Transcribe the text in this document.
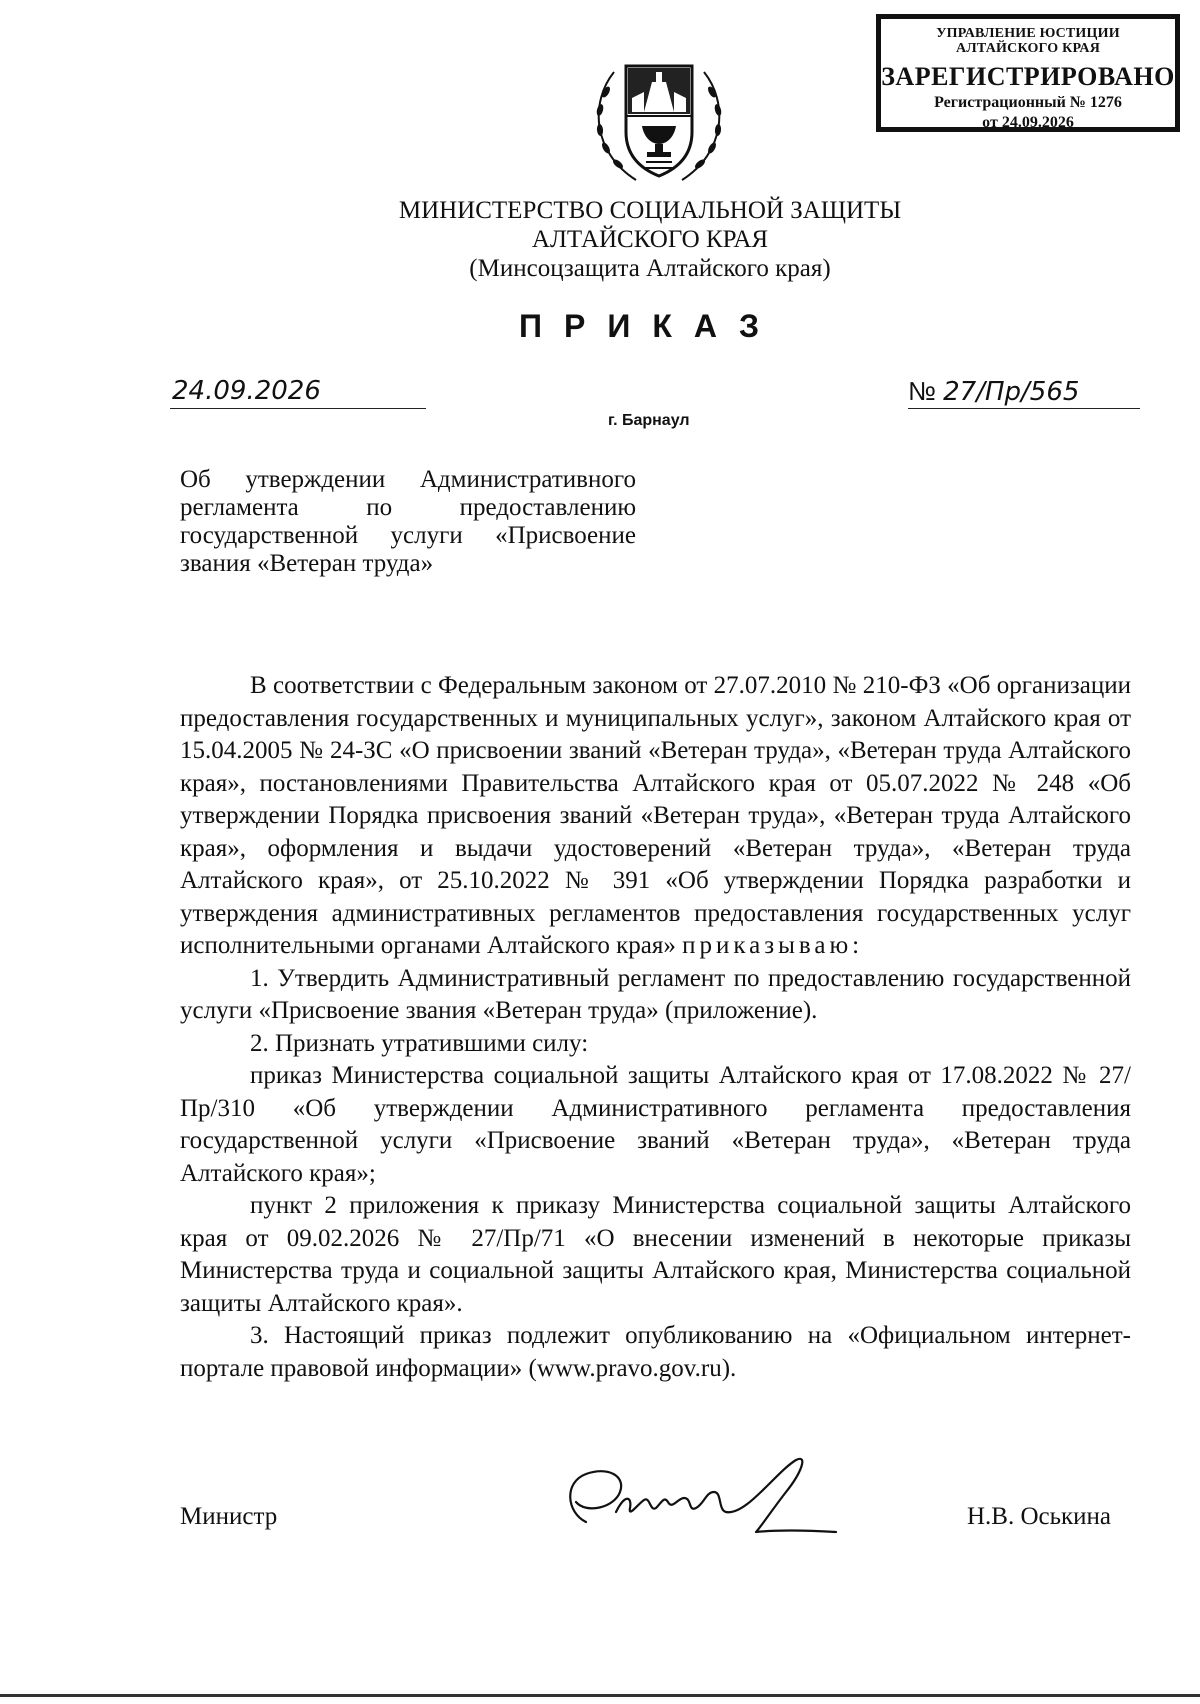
УПРАВЛЕНИЕ ЮСТИЦИИ
АЛТАЙСКОГО КРАЯ
ЗАРЕГИСТРИРОВАНО
Регистрационный № 1276
от 24.09.2026
МИНИСТЕРСТВО СОЦИАЛЬНОЙ ЗАЩИТЫ
АЛТАЙСКОГО КРАЯ
(Минсоцзащита Алтайского края)
ПРИКАЗ
24.09.2026	№ 27/Пр/565
г. Барнаул
Об утверждении Административного регламента по предоставлению государственной услуги «Присвоение звания «Ветеран труда»

В соответствии с Федеральным законом от 27.07.2010 № 210-ФЗ «Об организации предоставления государственных и муниципальных услуг», законом Алтайского края от 15.04.2005 № 24-ЗС «О присвоении званий «Ветеран труда», «Ветеран труда Алтайского края», постановлениями Правительства Алтайского края от 05.07.2022 № 248 «Об утверждении Порядка присвоения званий «Ветеран труда», «Ветеран труда Алтайского края», оформления и выдачи удостоверений «Ветеран труда», «Ветеран труда Алтайского края», от 25.10.2022 № 391 «Об утверждении Порядка разработки и утверждения административных регламентов предоставления государственных услуг исполнительными органами Алтайского края» приказываю:

1. Утвердить Административный регламент по предоставлению государственной услуги «Присвоение звания «Ветеран труда» (приложение).

2. Признать утратившими силу:

приказ Министерства социальной защиты Алтайского края от 17.08.2022 № 27/Пр/310 «Об утверждении Административного регламента предоставления государственной услуги «Присвоение званий «Ветеран труда», «Ветеран труда Алтайского края»;

пункт 2 приложения к приказу Министерства социальной защиты Алтайского края от 09.02.2026 № 27/Пр/71 «О внесении изменений в некоторые приказы Министерства труда и социальной защиты Алтайского края, Министерства социальной защиты Алтайского края».

3. Настоящий приказ подлежит опубликованию на «Официальном интернет-портале правовой информации» (www.pravo.gov.ru).

Министр	Н.В. Оськина
